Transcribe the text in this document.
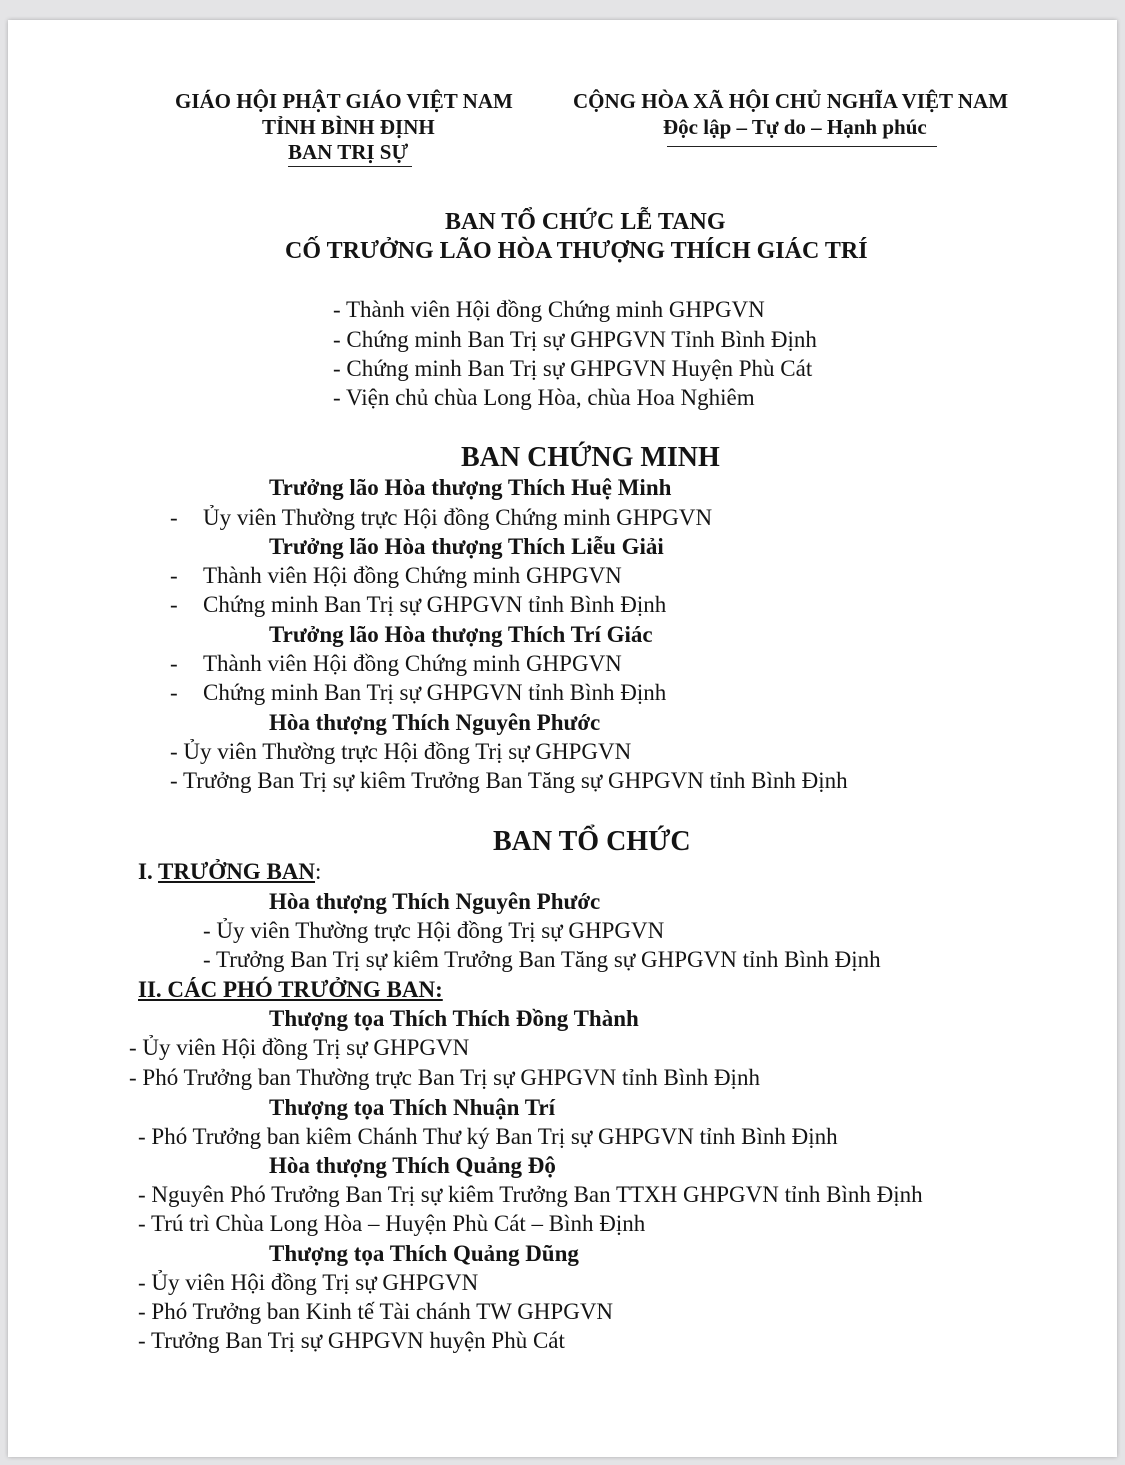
GIÁO HỘI PHẬT GIÁO VIỆT NAM
TỈNH BÌNH ĐỊNH
BAN TRỊ SỰ
CỘNG HÒA XÃ HỘI CHỦ NGHĨA VIỆT NAM
Độc lập – Tự do – Hạnh phúc
BAN TỔ CHỨC LỄ TANG
CỐ TRƯỞNG LÃO HÒA THƯỢNG THÍCH GIÁC TRÍ
- Thành viên Hội đồng Chứng minh GHPGVN
- Chứng minh Ban Trị sự GHPGVN Tỉnh Bình Định
- Chứng minh Ban Trị sự GHPGVN Huyện Phù Cát
- Viện chủ chùa Long Hòa, chùa Hoa Nghiêm
BAN CHỨNG MINH
Trưởng lão Hòa thượng Thích Huệ Minh
- Ủy viên Thường trực Hội đồng Chứng minh GHPGVN
Trưởng lão Hòa thượng Thích Liễu Giải
- Thành viên Hội đồng Chứng minh GHPGVN
- Chứng minh Ban Trị sự GHPGVN tỉnh Bình Định
Trưởng lão Hòa thượng Thích Trí Giác
- Thành viên Hội đồng Chứng minh GHPGVN
- Chứng minh Ban Trị sự GHPGVN tỉnh Bình Định
Hòa thượng Thích Nguyên Phước
- Ủy viên Thường trực Hội đồng Trị sự GHPGVN
- Trưởng Ban Trị sự kiêm Trưởng Ban Tăng sự GHPGVN tỉnh Bình Định
BAN TỔ CHỨC
I. TRƯỞNG BAN:
Hòa thượng Thích Nguyên Phước
- Ủy viên Thường trực Hội đồng Trị sự GHPGVN
- Trưởng Ban Trị sự kiêm Trưởng Ban Tăng sự GHPGVN tỉnh Bình Định
II. CÁC PHÓ TRƯỞNG BAN:
Thượng tọa Thích Thích Đồng Thành
- Ủy viên Hội đồng Trị sự GHPGVN
- Phó Trưởng ban Thường trực Ban Trị sự GHPGVN tỉnh Bình Định
Thượng tọa Thích Nhuận Trí
- Phó Trưởng ban kiêm Chánh Thư ký Ban Trị sự GHPGVN tỉnh Bình Định
Hòa thượng Thích Quảng Độ
- Nguyên Phó Trưởng Ban Trị sự kiêm Trưởng Ban TTXH GHPGVN tỉnh Bình Định
- Trú trì Chùa Long Hòa – Huyện Phù Cát – Bình Định
Thượng tọa Thích Quảng Dũng
- Ủy viên Hội đồng Trị sự GHPGVN
- Phó Trưởng ban Kinh tế Tài chánh TW GHPGVN
- Trưởng Ban Trị sự GHPGVN huyện Phù Cát
